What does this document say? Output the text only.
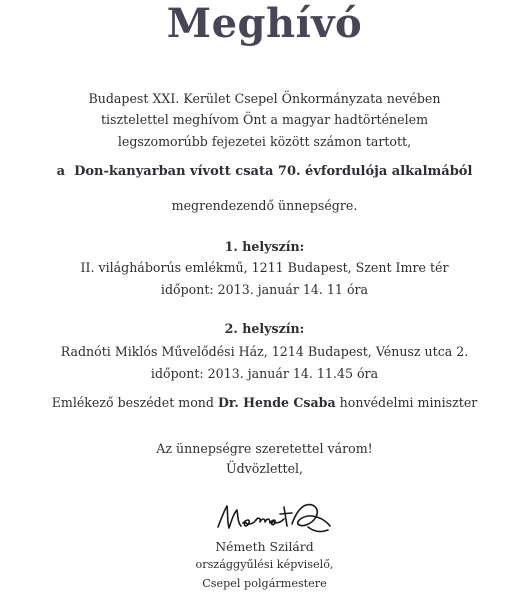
Meghívó
Budapest XXI. Kerület Csepel Önkormányzata nevében
tisztelettel meghívom Önt a magyar hadtörténelem
legszomorúbb fejezetei között számon tartott,
a Don-kanyarban vívott csata 70. évfordulója alkalmából
megrendezendő ünnepségre.
1. helyszín:
II. világháborús emlékmű, 1211 Budapest, Szent Imre tér
időpont: 2013. január 14. 11 óra
2. helyszín:
Radnóti Miklós Művelődési Ház, 1214 Budapest, Vénusz utca 2.
időpont: 2013. január 14. 11.45 óra
Emlékező beszédet mond Dr. Hende Csaba honvédelmi miniszter
Az ünnepségre szeretettel várom!
Üdvözlettel,
Németh Szilárd
országgyűlési képviselő,
Csepel polgármestere
